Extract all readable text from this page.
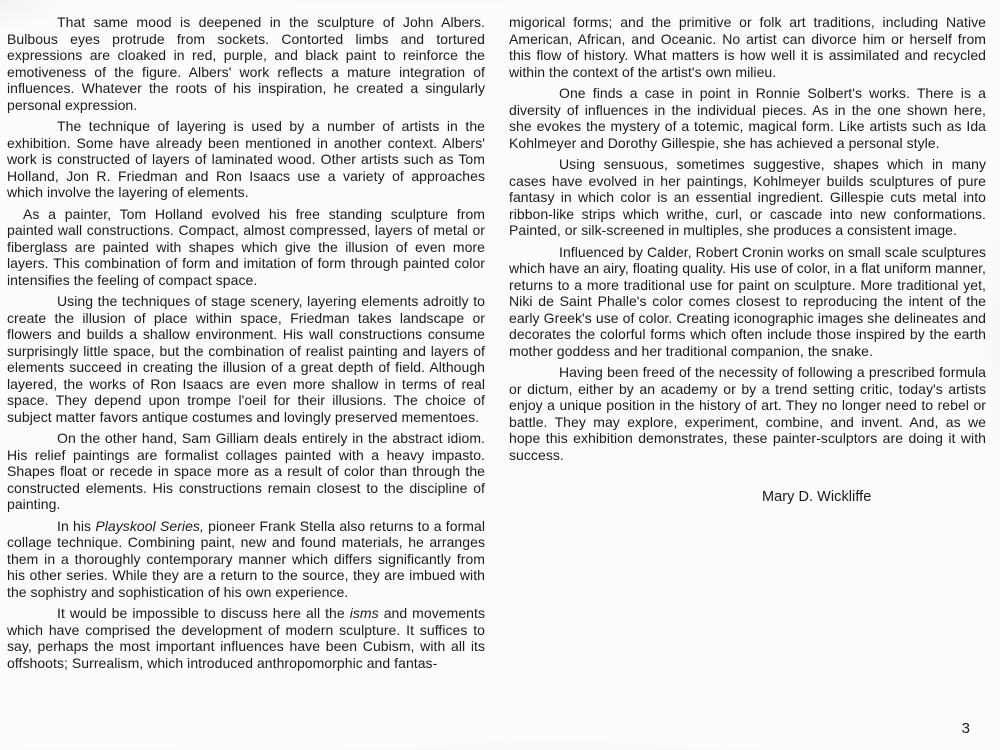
That same mood is deepened in the sculpture of John Albers. Bulbous eyes protrude from sockets. Contorted limbs and tortured expressions are cloaked in red, purple, and black paint to reinforce the emotiveness of the figure. Albers' work reflects a mature integration of influences. Whatever the roots of his inspiration, he created a singularly personal expression.

The technique of layering is used by a number of artists in the exhibition. Some have already been mentioned in another context. Albers' work is constructed of layers of laminated wood. Other artists such as Tom Holland, Jon R. Friedman and Ron Isaacs use a variety of approaches which involve the layering of elements.

As a painter, Tom Holland evolved his free standing sculpture from painted wall constructions. Compact, almost compressed, layers of metal or fiberglass are painted with shapes which give the illusion of even more layers. This combination of form and imitation of form through painted color intensifies the feeling of compact space.

Using the techniques of stage scenery, layering elements adroitly to create the illusion of place within space, Friedman takes landscape or flowers and builds a shallow environment. His wall constructions consume surprisingly little space, but the combination of realist painting and layers of elements succeed in creating the illusion of a great depth of field. Although layered, the works of Ron Isaacs are even more shallow in terms of real space. They depend upon trompe l'oeil for their illusions. The choice of subject matter favors antique costumes and lovingly preserved mementoes.

On the other hand, Sam Gilliam deals entirely in the abstract idiom. His relief paintings are formalist collages painted with a heavy impasto. Shapes float or recede in space more as a result of color than through the constructed elements. His constructions remain closest to the discipline of painting.

In his Playskool Series, pioneer Frank Stella also returns to a formal collage technique. Combining paint, new and found materials, he arranges them in a thoroughly contemporary manner which differs significantly from his other series. While they are a return to the source, they are imbued with the sophistry and sophistication of his own experience.

It would be impossible to discuss here all the isms and movements which have comprised the development of modern sculpture. It suffices to say, perhaps the most important influences have been Cubism, with all its offshoots; Surrealism, which introduced anthropomorphic and fantas-

migorical forms; and the primitive or folk art traditions, including Native American, African, and Oceanic. No artist can divorce him or herself from this flow of history. What matters is how well it is assimilated and recycled within the context of the artist's own milieu.

One finds a case in point in Ronnie Solbert's works. There is a diversity of influences in the individual pieces. As in the one shown here, she evokes the mystery of a totemic, magical form. Like artists such as Ida Kohlmeyer and Dorothy Gillespie, she has achieved a personal style.

Using sensuous, sometimes suggestive, shapes which in many cases have evolved in her paintings, Kohlmeyer builds sculptures of pure fantasy in which color is an essential ingredient. Gillespie cuts metal into ribbon-like strips which writhe, curl, or cascade into new conformations. Painted, or silk-screened in multiples, she produces a consistent image.

Influenced by Calder, Robert Cronin works on small scale sculptures which have an airy, floating quality. His use of color, in a flat uniform manner, returns to a more traditional use for paint on sculpture. More traditional yet, Niki de Saint Phalle's color comes closest to reproducing the intent of the early Greek's use of color. Creating iconographic images she delineates and decorates the colorful forms which often include those inspired by the earth mother goddess and her traditional companion, the snake.

Having been freed of the necessity of following a prescribed formula or dictum, either by an academy or by a trend setting critic, today's artists enjoy a unique position in the history of art. They no longer need to rebel or battle. They may explore, experiment, combine, and invent. And, as we hope this exhibition demonstrates, these painter-sculptors are doing it with success.

Mary D. Wickliffe
3
